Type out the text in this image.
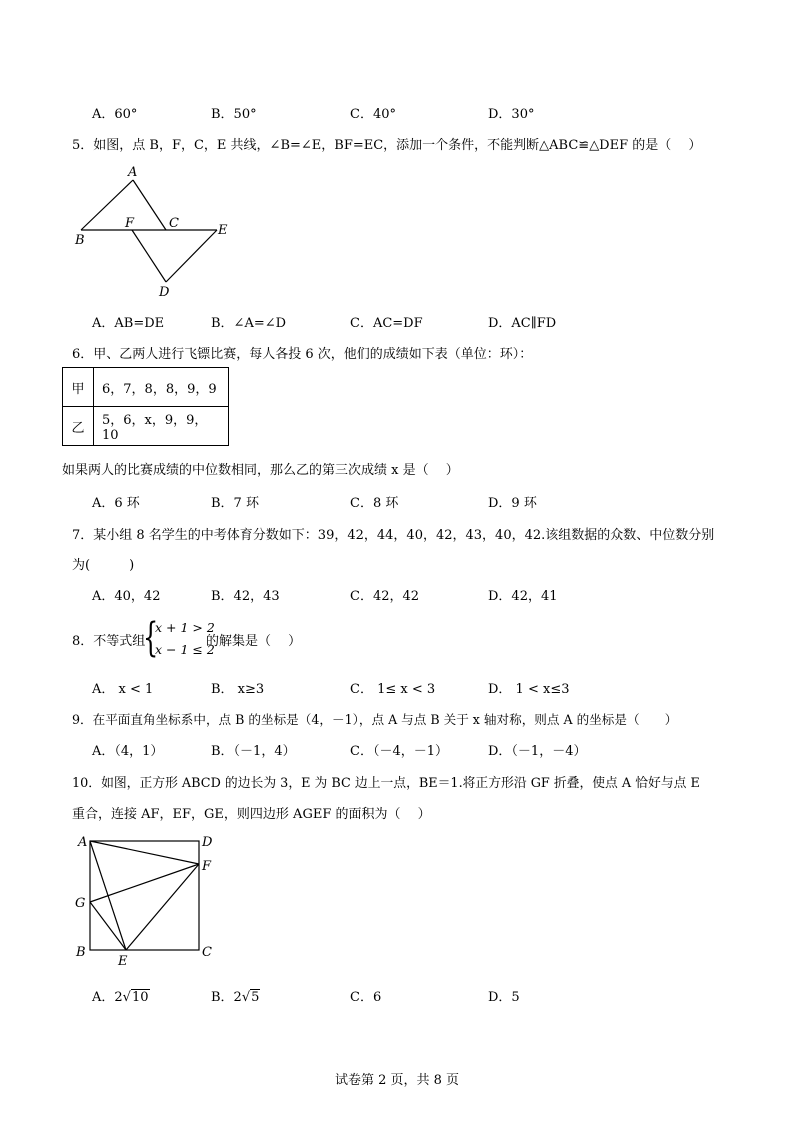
A．60°	B．50°	C．40°	D．30°
5．如图，点 B，F，C，E 共线，∠B=∠E，BF=EC，添加一个条件，不能判断△ABC≌△DEF 的是（　 ）
A
B
F	C	E
D
A．AB=DE	B．∠A=∠D	C．AC=DF	D．AC∥FD
6．甲、乙两人进行飞镖比赛，每人各投 6 次，他们的成绩如下表（单位：环）：
甲	6，7，8，8，9，9
乙	5，6，x，9，9，10
如果两人的比赛成绩的中位数相同，那么乙的第三次成绩 x 是（　 ）
A．6 环	B．7 环	C．8 环	D．9 环
7．某小组 8 名学生的中考体育分数如下：39，42，44，40，42，43，40，42.该组数据的众数、中位数分别
为(　　　)
A．40，42	B．42，43	C．42，42	D．42，41
8．不等式组
{
x + 1 > 2
x − 1 ≤ 2
的解集是（　 ）
A． x < 1	B． x≥3	C． 1≤ x < 3	D． 1 < x≤3
9．在平面直角坐标系中，点 B 的坐标是（4，－1），点 A 与点 B 关于 x 轴对称，则点 A 的坐标是（　　）
A．（4，1）	B．（－1，4）	C．（－4，－1）	D．（－1，－4）
10．如图，正方形 ABCD 的边长为 3，E 为 BC 边上一点，BE＝1.将正方形沿 GF 折叠，使点 A 恰好与点 E
重合，连接 AF，EF，GE，则四边形 AGEF 的面积为（　 ）
A	D
F
G
B
E
C
A．2√10	B．2√5	C．6	D．5
试卷第 2 页，共 8 页
